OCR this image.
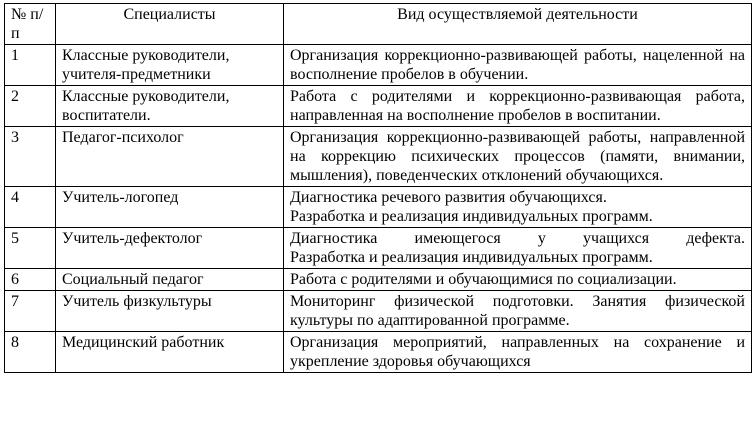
№ п/п	Специалисты	Вид осуществляемой деятельности
1	Классные руководители, учителя-предметники	Организация коррекционно-развивающей работы, нацеленной на восполнение пробелов в обучении.

2	Классные руководители, воспитатели.	Работа с родителями и коррекционно-развивающая работа, направленная на восполнение пробелов в воспитании.

3	Педагог-психолог	Организация коррекционно-развивающей работы, направленной на коррекцию психических процессов (памяти, внимании, мышления), поведенческих отклонений обучающихся.

4	Учитель-логопед	Диагностика речевого развития обучающихся.
Разработка и реализация индивидуальных программ.

5	Учитель-дефектолог	Диагностика имеющегося у учащихся дефекта.
Разработка и реализация индивидуальных программ.

6	Социальный педагог	Работа с родителями и обучающимися по социализации.

7	Учитель физкультуры	Мониторинг физической подготовки. Занятия физической культуры по адаптированной программе.

8	Медицинский работник	Организация мероприятий, направленных на сохранение и укрепление здоровья обучающихся
